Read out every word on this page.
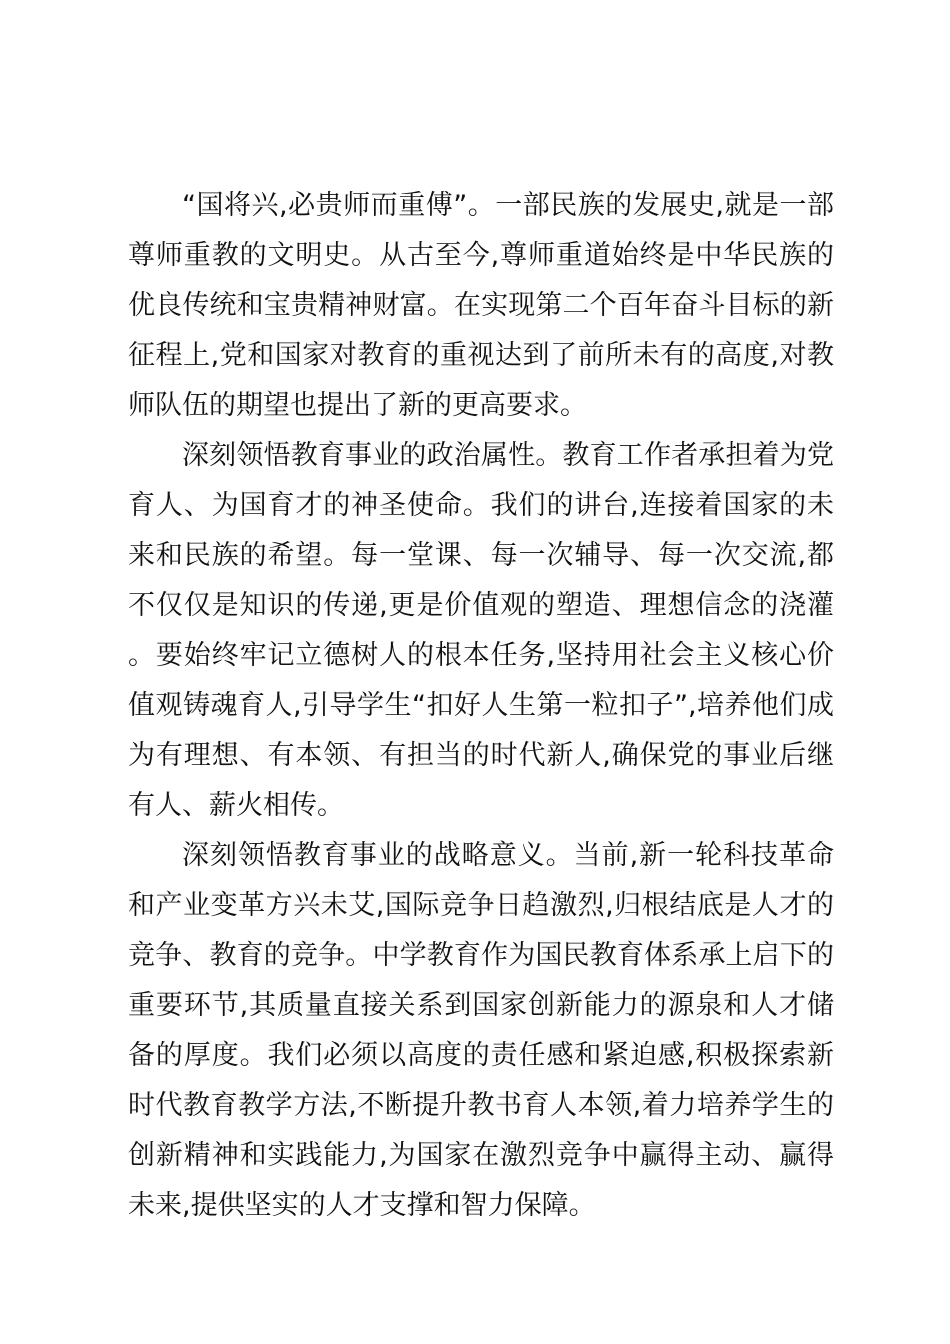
“国将兴,必贵师而重傅”。一部民族的发展史,就是一部尊师重教的文明史。从古至今,尊师重道始终是中华民族的优良传统和宝贵精神财富。在实现第二个百年奋斗目标的新征程上,党和国家对教育的重视达到了前所未有的高度,对教师队伍的期望也提出了新的更高要求。

深刻领悟教育事业的政治属性。教育工作者承担着为党育人、为国育才的神圣使命。我们的讲台,连接着国家的未来和民族的希望。每一堂课、每一次辅导、每一次交流,都不仅仅是知识的传递,更是价值观的塑造、理想信念的浇灌。要始终牢记立德树人的根本任务,坚持用社会主义核心价值观铸魂育人,引导学生“扣好人生第一粒扣子”,培养他们成为有理想、有本领、有担当的时代新人,确保党的事业后继有人、薪火相传。

深刻领悟教育事业的战略意义。当前,新一轮科技革命和产业变革方兴未艾,国际竞争日趋激烈,归根结底是人才的竞争、教育的竞争。中学教育作为国民教育体系承上启下的重要环节,其质量直接关系到国家创新能力的源泉和人才储备的厚度。我们必须以高度的责任感和紧迫感,积极探索新时代教育教学方法,不断提升教书育人本领,着力培养学生的创新精神和实践能力,为国家在激烈竞争中赢得主动、赢得未来,提供坚实的人才支撑和智力保障。
